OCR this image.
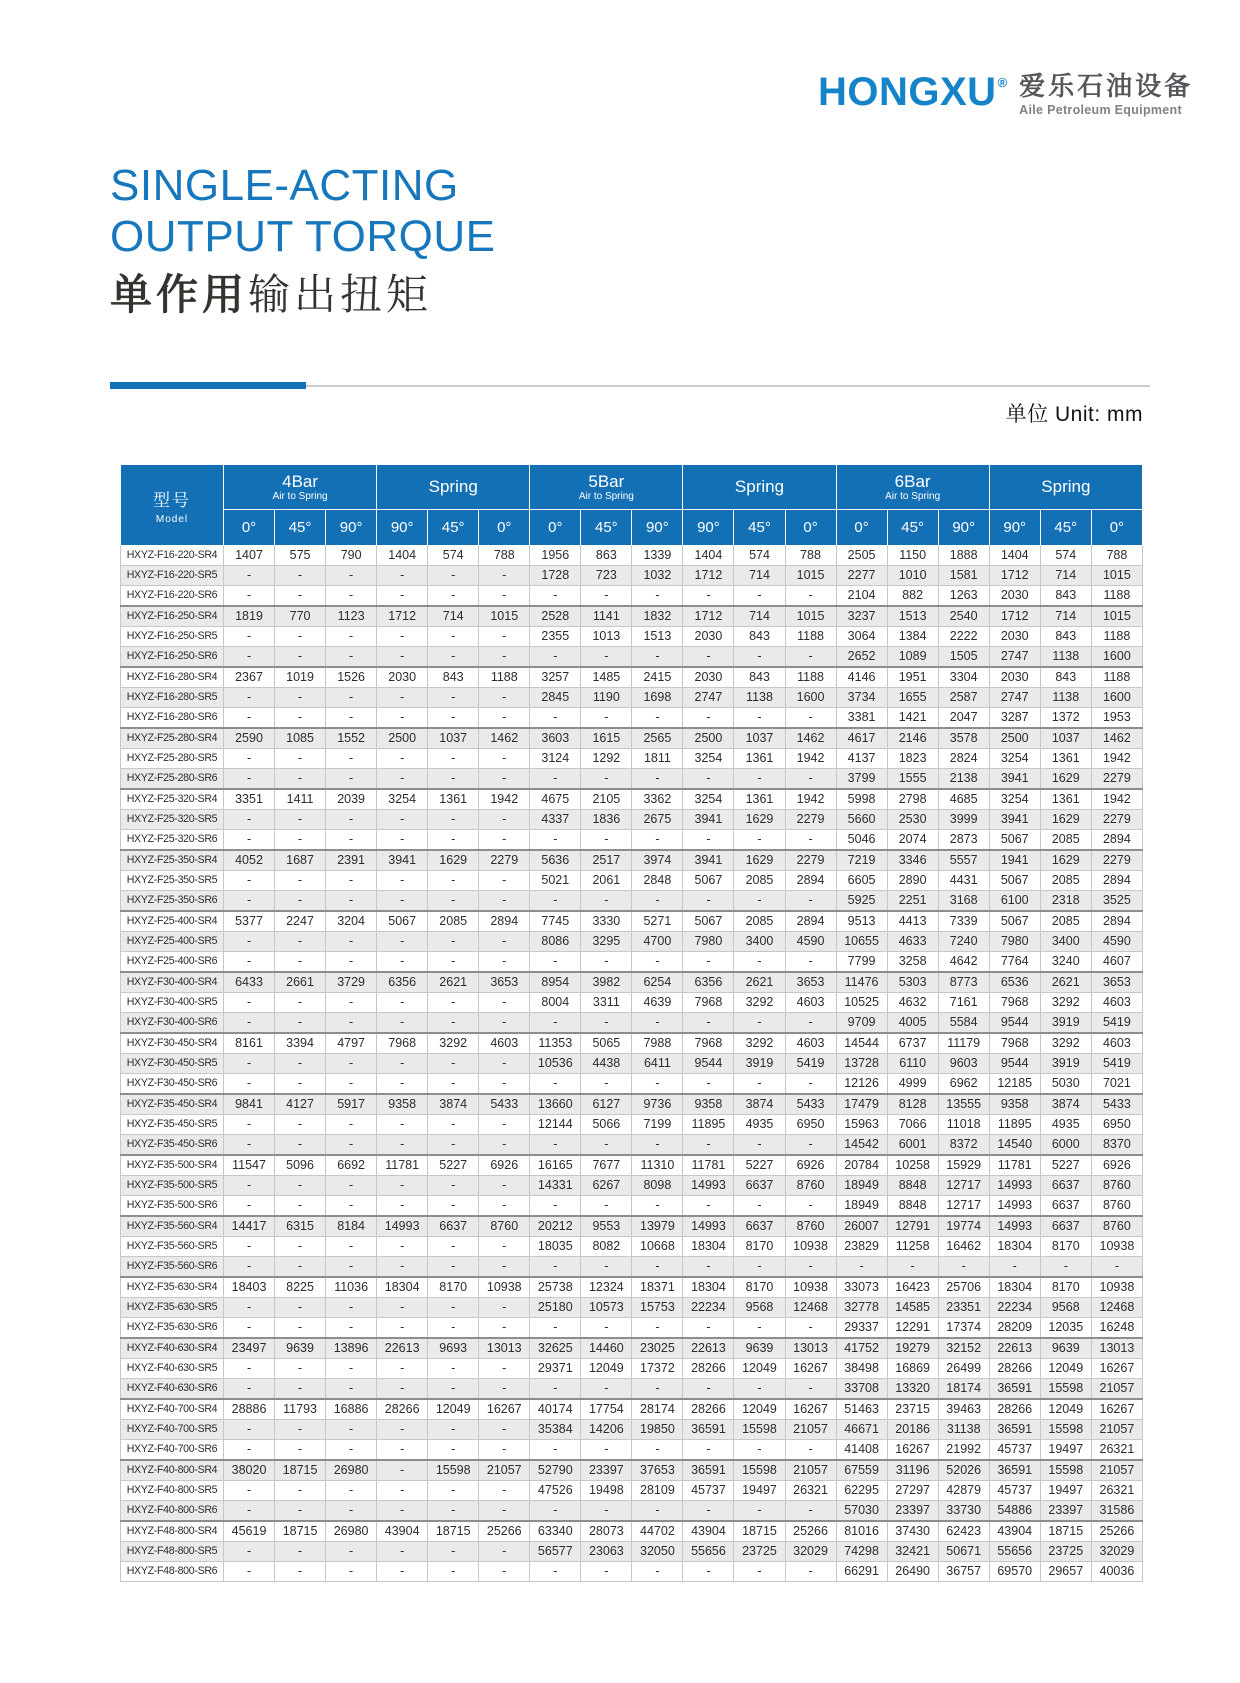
HONGXU® 爱乐石油设备
Aile Petroleum Equipment
SINGLE-ACTING
OUTPUT TORQUE
单作用输出扭矩
单位 Unit: mm
型号
Model

4Bar
Air to Spring

Spring	5Bar
Air to Spring

Spring	6Bar
Air to Spring

Spring

	0°	45°	90°	90°	45°	0°	0°	45°	90°	90°	45°	0°	0°	45°	90°	90°	45°	0°
HXYZ-F16-220-SR4	1407	575	790	1404	574	788	1956	863	1339	1404	574	788	2505	1150	1888	1404	574	788
HXYZ-F16-220-SR5	-	-	-	-	-	-	1728	723	1032	1712	714	1015	2277	1010	1581	1712	714	1015
HXYZ-F16-220-SR6	-	-	-	-	-	-	-	-	-	-	-	-	2104	882	1263	2030	843	1188
HXYZ-F16-250-SR4	1819	770	1123	1712	714	1015	2528	1141	1832	1712	714	1015	3237	1513	2540	1712	714	1015
HXYZ-F16-250-SR5	-	-	-	-	-	-	2355	1013	1513	2030	843	1188	3064	1384	2222	2030	843	1188
HXYZ-F16-250-SR6	-	-	-	-	-	-	-	-	-	-	-	-	2652	1089	1505	2747	1138	1600
HXYZ-F16-280-SR4	2367	1019	1526	2030	843	1188	3257	1485	2415	2030	843	1188	4146	1951	3304	2030	843	1188
HXYZ-F16-280-SR5	-	-	-	-	-	-	2845	1190	1698	2747	1138	1600	3734	1655	2587	2747	1138	1600
HXYZ-F16-280-SR6	-	-	-	-	-	-	-	-	-	-	-	-	3381	1421	2047	3287	1372	1953
HXYZ-F25-280-SR4	2590	1085	1552	2500	1037	1462	3603	1615	2565	2500	1037	1462	4617	2146	3578	2500	1037	1462
HXYZ-F25-280-SR5	-	-	-	-	-	-	3124	1292	1811	3254	1361	1942	4137	1823	2824	3254	1361	1942
HXYZ-F25-280-SR6	-	-	-	-	-	-	-	-	-	-	-	-	3799	1555	2138	3941	1629	2279
HXYZ-F25-320-SR4	3351	1411	2039	3254	1361	1942	4675	2105	3362	3254	1361	1942	5998	2798	4685	3254	1361	1942
HXYZ-F25-320-SR5	-	-	-	-	-	-	4337	1836	2675	3941	1629	2279	5660	2530	3999	3941	1629	2279
HXYZ-F25-320-SR6	-	-	-	-	-	-	-	-	-	-	-	-	5046	2074	2873	5067	2085	2894
HXYZ-F25-350-SR4	4052	1687	2391	3941	1629	2279	5636	2517	3974	3941	1629	2279	7219	3346	5557	1941	1629	2279
HXYZ-F25-350-SR5	-	-	-	-	-	-	5021	2061	2848	5067	2085	2894	6605	2890	4431	5067	2085	2894
HXYZ-F25-350-SR6	-	-	-	-	-	-	-	-	-	-	-	-	5925	2251	3168	6100	2318	3525
HXYZ-F25-400-SR4	5377	2247	3204	5067	2085	2894	7745	3330	5271	5067	2085	2894	9513	4413	7339	5067	2085	2894
HXYZ-F25-400-SR5	-	-	-	-	-	-	8086	3295	4700	7980	3400	4590	10655	4633	7240	7980	3400	4590
HXYZ-F25-400-SR6	-	-	-	-	-	-	-	-	-	-	-	-	7799	3258	4642	7764	3240	4607
HXYZ-F30-400-SR4	6433	2661	3729	6356	2621	3653	8954	3982	6254	6356	2621	3653	11476	5303	8773	6536	2621	3653
HXYZ-F30-400-SR5	-	-	-	-	-	-	8004	3311	4639	7968	3292	4603	10525	4632	7161	7968	3292	4603
HXYZ-F30-400-SR6	-	-	-	-	-	-	-	-	-	-	-	-	9709	4005	5584	9544	3919	5419
HXYZ-F30-450-SR4	8161	3394	4797	7968	3292	4603	11353	5065	7988	7968	3292	4603	14544	6737	11179	7968	3292	4603
HXYZ-F30-450-SR5	-	-	-	-	-	-	10536	4438	6411	9544	3919	5419	13728	6110	9603	9544	3919	5419
HXYZ-F30-450-SR6	-	-	-	-	-	-	-	-	-	-	-	-	12126	4999	6962	12185	5030	7021
HXYZ-F35-450-SR4	9841	4127	5917	9358	3874	5433	13660	6127	9736	9358	3874	5433	17479	8128	13555	9358	3874	5433
HXYZ-F35-450-SR5	-	-	-	-	-	-	12144	5066	7199	11895	4935	6950	15963	7066	11018	11895	4935	6950
HXYZ-F35-450-SR6	-	-	-	-	-	-	-	-	-	-	-	-	14542	6001	8372	14540	6000	8370
HXYZ-F35-500-SR4	11547	5096	6692	11781	5227	6926	16165	7677	11310	11781	5227	6926	20784	10258	15929	11781	5227	6926
HXYZ-F35-500-SR5	-	-	-	-	-	-	14331	6267	8098	14993	6637	8760	18949	8848	12717	14993	6637	8760
HXYZ-F35-500-SR6	-	-	-	-	-	-	-	-	-	-	-	-	18949	8848	12717	14993	6637	8760
HXYZ-F35-560-SR4	14417	6315	8184	14993	6637	8760	20212	9553	13979	14993	6637	8760	26007	12791	19774	14993	6637	8760
HXYZ-F35-560-SR5	-	-	-	-	-	-	18035	8082	10668	18304	8170	10938	23829	11258	16462	18304	8170	10938
HXYZ-F35-560-SR6	-	-	-	-	-	-	-	-	-	-	-	-	-	-	-	-	-	-
HXYZ-F35-630-SR4	18403	8225	11036	18304	8170	10938	25738	12324	18371	18304	8170	10938	33073	16423	25706	18304	8170	10938
HXYZ-F35-630-SR5	-	-	-	-	-	-	25180	10573	15753	22234	9568	12468	32778	14585	23351	22234	9568	12468
HXYZ-F35-630-SR6	-	-	-	-	-	-	-	-	-	-	-	-	29337	12291	17374	28209	12035	16248
HXYZ-F40-630-SR4	23497	9639	13896	22613	9693	13013	32625	14460	23025	22613	9639	13013	41752	19279	32152	22613	9639	13013
HXYZ-F40-630-SR5	-	-	-	-	-	-	29371	12049	17372	28266	12049	16267	38498	16869	26499	28266	12049	16267
HXYZ-F40-630-SR6	-	-	-	-	-	-	-	-	-	-	-	-	33708	13320	18174	36591	15598	21057
HXYZ-F40-700-SR4	28886	11793	16886	28266	12049	16267	40174	17754	28174	28266	12049	16267	51463	23715	39463	28266	12049	16267
HXYZ-F40-700-SR5	-	-	-	-	-	-	35384	14206	19850	36591	15598	21057	46671	20186	31138	36591	15598	21057
HXYZ-F40-700-SR6	-	-	-	-	-	-	-	-	-	-	-	-	41408	16267	21992	45737	19497	26321
HXYZ-F40-800-SR4	38020	18715	26980	-	15598	21057	52790	23397	37653	36591	15598	21057	67559	31196	52026	36591	15598	21057
HXYZ-F40-800-SR5	-	-	-	-	-	-	47526	19498	28109	45737	19497	26321	62295	27297	42879	45737	19497	26321
HXYZ-F40-800-SR6	-	-	-	-	-	-	-	-	-	-	-	-	57030	23397	33730	54886	23397	31586
HXYZ-F48-800-SR4	45619	18715	26980	43904	18715	25266	63340	28073	44702	43904	18715	25266	81016	37430	62423	43904	18715	25266
HXYZ-F48-800-SR5	-	-	-	-	-	-	56577	23063	32050	55656	23725	32029	74298	32421	50671	55656	23725	32029
HXYZ-F48-800-SR6	-	-	-	-	-	-	-	-	-	-	-	-	66291	26490	36757	69570	29657	40036
